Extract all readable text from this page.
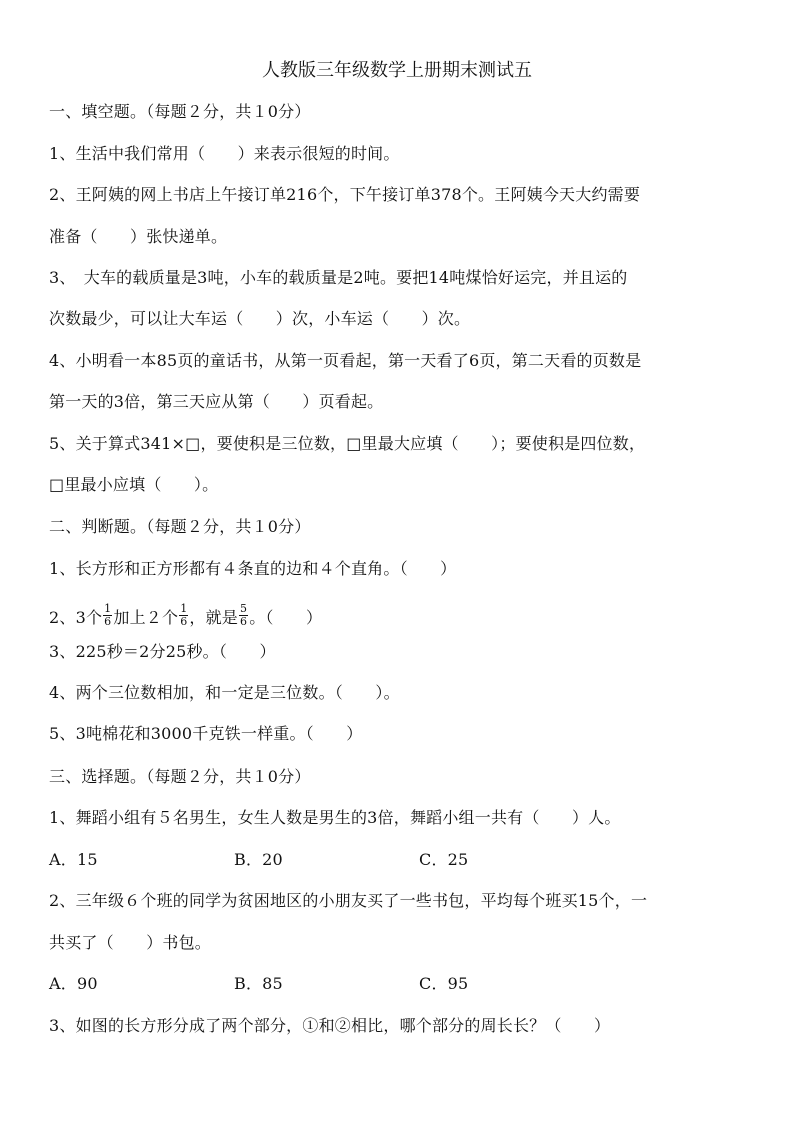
人教版三年级数学上册期末测试五
一、填空题。（每题２分，共１0分）
1、生活中我们常用（　　）来表示很短的时间。
2、王阿姨的网上书店上午接订单216个，下午接订单378个。王阿姨今天大约需要
准备（　　）张快递单。
3、　大车的载质量是3吨，小车的载质量是2吨。要把14吨煤恰好运完，并且运的
次数最少，可以让大车运（　　）次，小车运（　　）次。
4、小明看一本85页的童话书，从第一页看起，第一天看了6页，第二天看的页数是
第一天的3倍，第三天应从第（　　）页看起。
5、关于算式341×□，要使积是三位数，□里最大应填（　　）；要使积是四位数，
□里最小应填（　　）。
二、判断题。（每题２分，共１0分）
1、长方形和正方形都有４条直的边和４个直角。（　　）
2、3个 $\frac{1}{6}$ 加上２个 $\frac{1}{6}$ ，就是 $\frac{5}{6}$ 。（　　）
3、225秒＝2分25秒。（　　）
4、两个三位数相加，和一定是三位数。（　　）。
5、3吨棉花和3000千克铁一样重。（　　）
三、选择题。（每题２分，共１0分）
1、舞蹈小组有５名男生，女生人数是男生的3倍，舞蹈小组一共有（　　）人。
A．15	B．20	C．25
2、三年级６个班的同学为贫困地区的小朋友买了一些书包，平均每个班买15个，一
共买了（　　）书包。
A．90	B．85	C．95
3、如图的长方形分成了两个部分，①和②相比，哪个部分的周长长？（　　）
